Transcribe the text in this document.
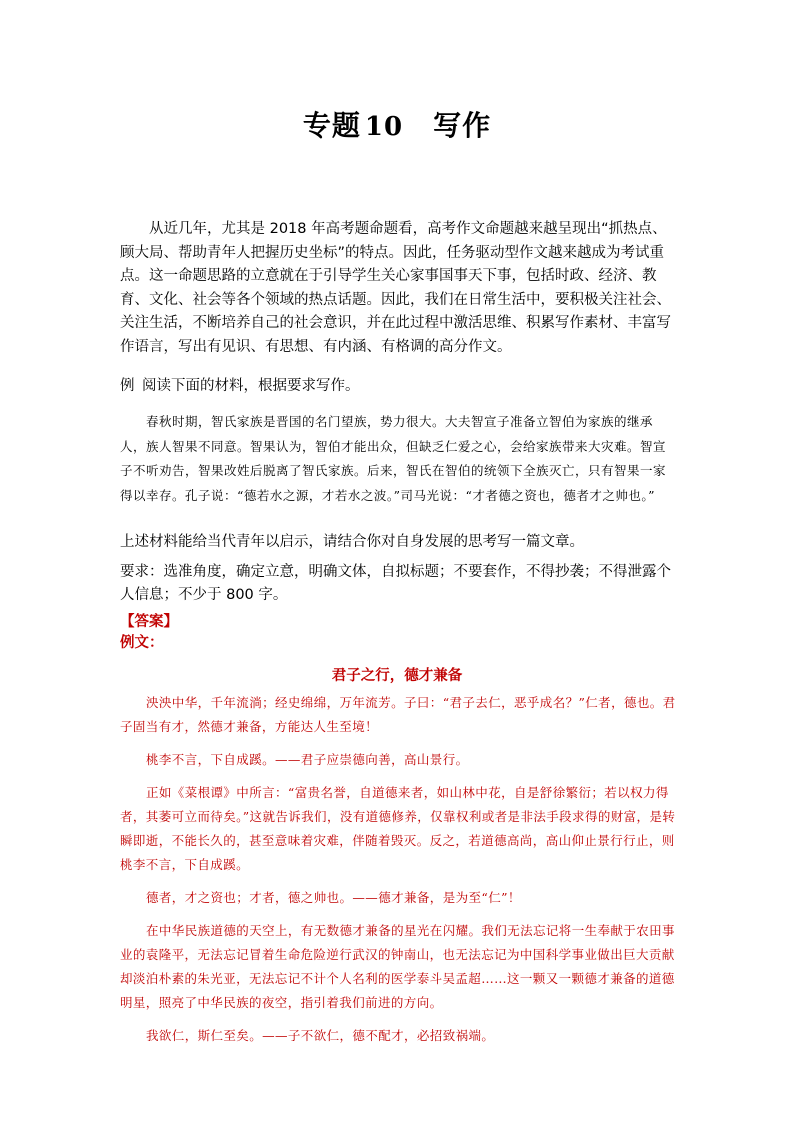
专题 10 写作

从近几年，尤其是 2018 年高考题命题看，高考作文命题越来越呈现出“抓热点、顾大局、帮助青年人把握历史坐标”的特点。因此，任务驱动型作文越来越成为考试重点。这一命题思路的立意就在于引导学生关心家事国事天下事，包括时政、经济、教育、文化、社会等各个领域的热点话题。因此，我们在日常生活中，要积极关注社会、关注生活，不断培养自己的社会意识，并在此过程中激活思维、积累写作素材、丰富写作语言，写出有见识、有思想、有内涵、有格调的高分作文。

例 阅读下面的材料，根据要求写作。

春秋时期，智氏家族是晋国的名门望族，势力很大。大夫智宣子准备立智伯为家族的继承人，族人智果不同意。智果认为，智伯才能出众，但缺乏仁爱之心，会给家族带来大灾难。智宣子不听劝告，智果改姓后脱离了智氏家族。后来，智氏在智伯的统领下全族灭亡，只有智果一家得以幸存。孔子说：“德若水之源，才若水之波。”司马光说：“才者德之资也，德者才之帅也。”

上述材料能给当代青年以启示，请结合你对自身发展的思考写一篇文章。

要求：选准角度，确定立意，明确文体，自拟标题；不要套作，不得抄袭；不得泄露个人信息；不少于 800 字。

【答案】
例文：
君子之行，德才兼备

泱泱中华，千年流淌；经史绵绵，万年流芳。子曰：“君子去仁，恶乎成名？”仁者，德也。君子固当有才，然德才兼备，方能达人生至境！

桃李不言，下自成蹊。——君子应崇德向善，高山景行。

正如《菜根谭》中所言：“富贵名誉，自道德来者，如山林中花，自是舒徐繁衍；若以权力得者，其萎可立而待矣。”这就告诉我们，没有道德修养，仅靠权利或者是非法手段求得的财富，是转瞬即逝，不能长久的，甚至意味着灾难，伴随着毁灭。反之，若道德高尚，高山仰止景行行止，则桃李不言，下自成蹊。

德者，才之资也；才者，德之帅也。——德才兼备，是为至“仁”！

在中华民族道德的天空上，有无数德才兼备的星光在闪耀。我们无法忘记将一生奉献于农田事业的袁隆平，无法忘记冒着生命危险逆行武汉的钟南山，也无法忘记为中国科学事业做出巨大贡献却淡泊朴素的朱光亚，无法忘记不计个人名利的医学泰斗吴孟超……这一颗又一颗德才兼备的道德明星，照亮了中华民族的夜空，指引着我们前进的方向。

我欲仁，斯仁至矣。——子不欲仁，德不配才，必招致祸端。
